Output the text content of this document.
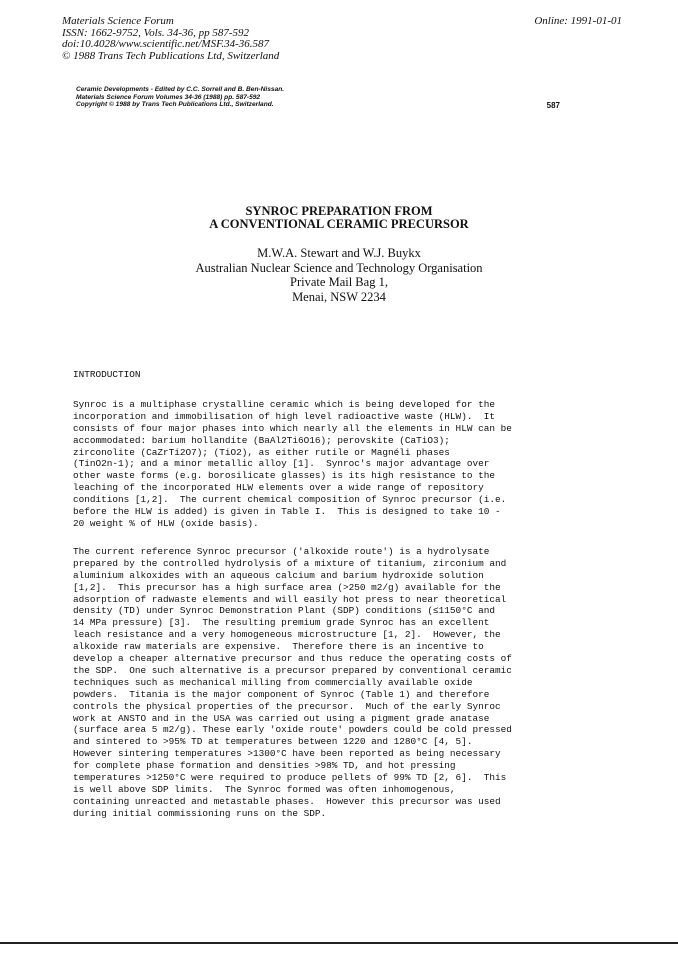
Materials Science Forum
ISSN: 1662-9752, Vols. 34-36, pp 587-592
doi:10.4028/www.scientific.net/MSF.34-36.587
© 1988 Trans Tech Publications Ltd, Switzerland
Online: 1991-01-01
Ceramic Developments - Edited by C.C. Sorrell and B. Ben-Nissan.
Materials Science Forum Volumes 34-36 (1988) pp. 587-592
Copyright © 1988 by Trans Tech Publications Ltd., Switzerland.	587
SYNROC PREPARATION FROM
A CONVENTIONAL CERAMIC PRECURSOR
M.W.A. Stewart and W.J. Buykx
Australian Nuclear Science and Technology Organisation
Private Mail Bag 1,
Menai, NSW 2234
INTRODUCTION
Synroc is a multiphase crystalline ceramic which is being developed for the
incorporation and immobilisation of high level radioactive waste (HLW).  It
consists of four major phases into which nearly all the elements in HLW can be
accommodated: barium hollandite (BaAl2Ti6O16); perovskite (CaTiO3);
zirconolite (CaZrTi2O7); (TiO2), as either rutile or Magnéli phases
(TinO2n-1); and a minor metallic alloy [1].  Synroc's major advantage over
other waste forms (e.g. borosilicate glasses) is its high resistance to the
leaching of the incorporated HLW elements over a wide range of repository
conditions [1,2].  The current chemical composition of Synroc precursor (i.e.
before the HLW is added) is given in Table I.  This is designed to take 10 -
20 weight % of HLW (oxide basis).
The current reference Synroc precursor ('alkoxide route') is a hydrolysate
prepared by the controlled hydrolysis of a mixture of titanium, zirconium and
aluminium alkoxides with an aqueous calcium and barium hydroxide solution
[1,2].  This precursor has a high surface area (>250 m2/g) available for the
adsorption of radwaste elements and will easily hot press to near theoretical
density (TD) under Synroc Demonstration Plant (SDP) conditions (≤1150°C and
14 MPa pressure) [3].  The resulting premium grade Synroc has an excellent
leach resistance and a very homogeneous microstructure [1, 2].  However, the
alkoxide raw materials are expensive.  Therefore there is an incentive to
develop a cheaper alternative precursor and thus reduce the operating costs of
the SDP.  One such alternative is a precursor prepared by conventional ceramic
techniques such as mechanical milling from commercially available oxide
powders.  Titania is the major component of Synroc (Table 1) and therefore
controls the physical properties of the precursor.  Much of the early Synroc
work at ANSTO and in the USA was carried out using a pigment grade anatase
(surface area 5 m2/g). These early 'oxide route' powders could be cold pressed
and sintered to >95% TD at temperatures between 1220 and 1280°C [4, 5].
However sintering temperatures >1300°C have been reported as being necessary
for complete phase formation and densities >98% TD, and hot pressing
temperatures >1250°C were required to produce pellets of 99% TD [2, 6].  This
is well above SDP limits.  The Synroc formed was often inhomogenous,
containing unreacted and metastable phases.  However this precursor was used
during initial commissioning runs on the SDP.
